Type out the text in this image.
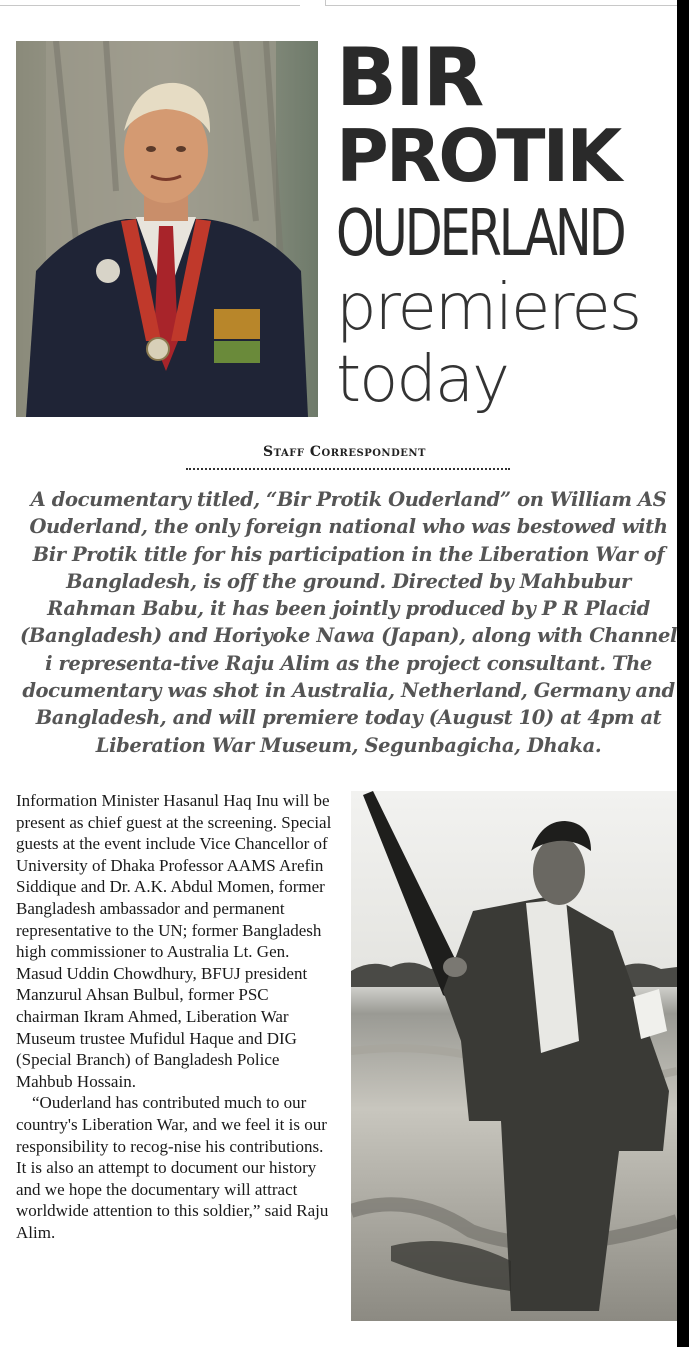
BIR
PROTIK
OUDERLAND
premieres
today
Staff Correspondent
A documentary titled, “Bir Protik Ouderland” on William AS Ouderland, the only foreign national who was bestowed with Bir Protik title for his participation in the Liberation War of Bangladesh, is off the ground. Directed by Mahbubur Rahman Babu, it has been jointly produced by P R Placid (Bangladesh) and Horiyoke Nawa (Japan), along with Channel i representa-tive Raju Alim as the project consultant. The documentary was shot in Australia, Netherland, Germany and Bangladesh, and will premiere today (August 10) at 4pm at Liberation War Museum, Segunbagicha, Dhaka.

Information Minister Hasanul Haq Inu will be present as chief guest at the screening. Special guests at the event include Vice Chancellor of University of Dhaka Professor AAMS Arefin Siddique and Dr. A.K. Abdul Momen, former Bangladesh ambassador and permanent representative to the UN; former Bangladesh high commissioner to Australia Lt. Gen. Masud Uddin Chowdhury, BFUJ president Manzurul Ahsan Bulbul, former PSC chairman Ikram Ahmed, Liberation War Museum trustee Mufidul Haque and DIG (Special Branch) of Bangladesh Police Mahbub Hossain.

“Ouderland has contributed much to our country's Liberation War, and we feel it is our responsibility to recog-nise his contributions. It is also an attempt to document our history and we hope the documentary will attract worldwide attention to this soldier,” said Raju Alim.
